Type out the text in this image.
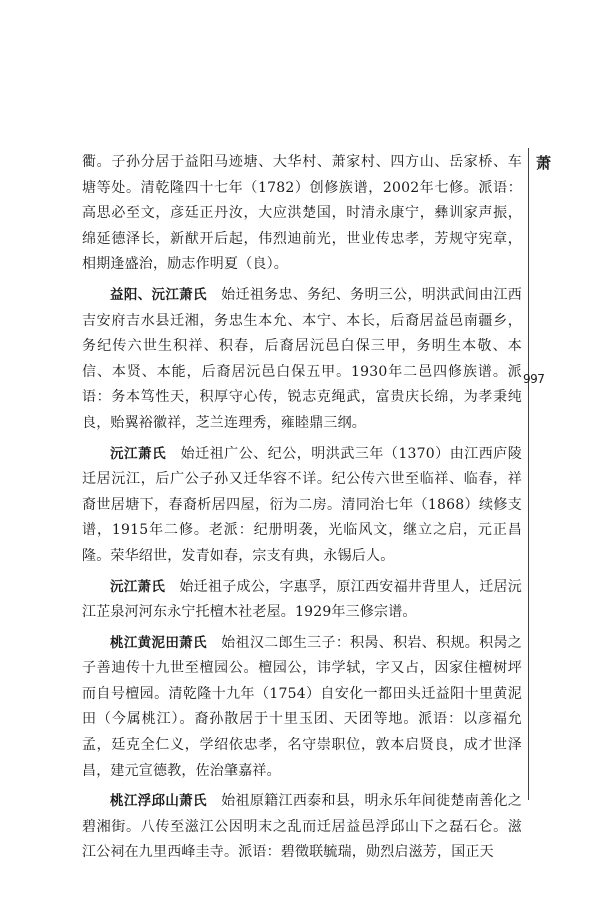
衢。子孙分居于益阳马迹塘、大华村、萧家村、四方山、岳家桥、车塘等处。清乾隆四十七年（1782）创修族谱，2002年七修。派语：高思必至文，彦廷正丹汝，大应洪楚国，时清永康宁，彝训家声振，绵延德泽长，新猷开后起，伟烈迪前光，世业传忠孝，芳规守宪章，相期逢盛治，励志作明夏（良）。

益阳、沅江萧氏  始迁祖务忠、务纪、务明三公，明洪武间由江西吉安府吉水县迁湘，务忠生本允、本宁、本长，后裔居益邑南疆乡，务纪传六世生积祥、积春，后裔居沅邑白保三甲，务明生本敬、本信、本贤、本能，后裔居沅邑白保五甲。1930年二邑四修族谱。派语：务本笃性天，积厚守心传，锐志克绳武，富贵庆长绵，为孝秉纯良，贻翼裕徽祥，芝兰连理秀，雍睦鼎三纲。

沅江萧氏  始迁祖广公、纪公，明洪武三年（1370）由江西庐陵迁居沅江，后广公子孙又迁华容不详。纪公传六世至临祥、临春，祥裔世居塘下，春裔析居四屋，衍为二房。清同治七年（1868）续修支谱，1915年二修。老派：纪册明袭，光临风文，继立之启，元正昌隆。荣华绍世，发青如春，宗支有典，永锡后人。

沅江萧氏  始迁祖子成公，字惠孚，原江西安福井背里人，迁居沅江芷泉河河东永宁托檀木社老屋。1929年三修宗谱。

桃江黄泥田萧氏  始祖汉二郎生三子：积昺、积岩、积规。积昺之子善迪传十九世至檀园公。檀园公，讳学轼，字又占，因家住檀树坪而自号檀园。清乾隆十九年（1754）自安化一都田头迁益阳十里黄泥田（今属桃江）。裔孙散居于十里玉团、天团等地。派语：以彦福允孟，廷克全仁义，学绍依忠孝，名守崇职位，敦本启贤良，成才世泽昌，建元宣德教，佐治肇嘉祥。

桃江浮邱山萧氏  始祖原籍江西泰和县，明永乐年间徙楚南善化之碧湘街。八传至滋江公因明末之乱而迁居益邑浮邱山下之磊石仑。滋江公祠在九里西峰圭寺。派语：碧徵联毓瑞，勋烈启滋芳，国正天

萧
997
